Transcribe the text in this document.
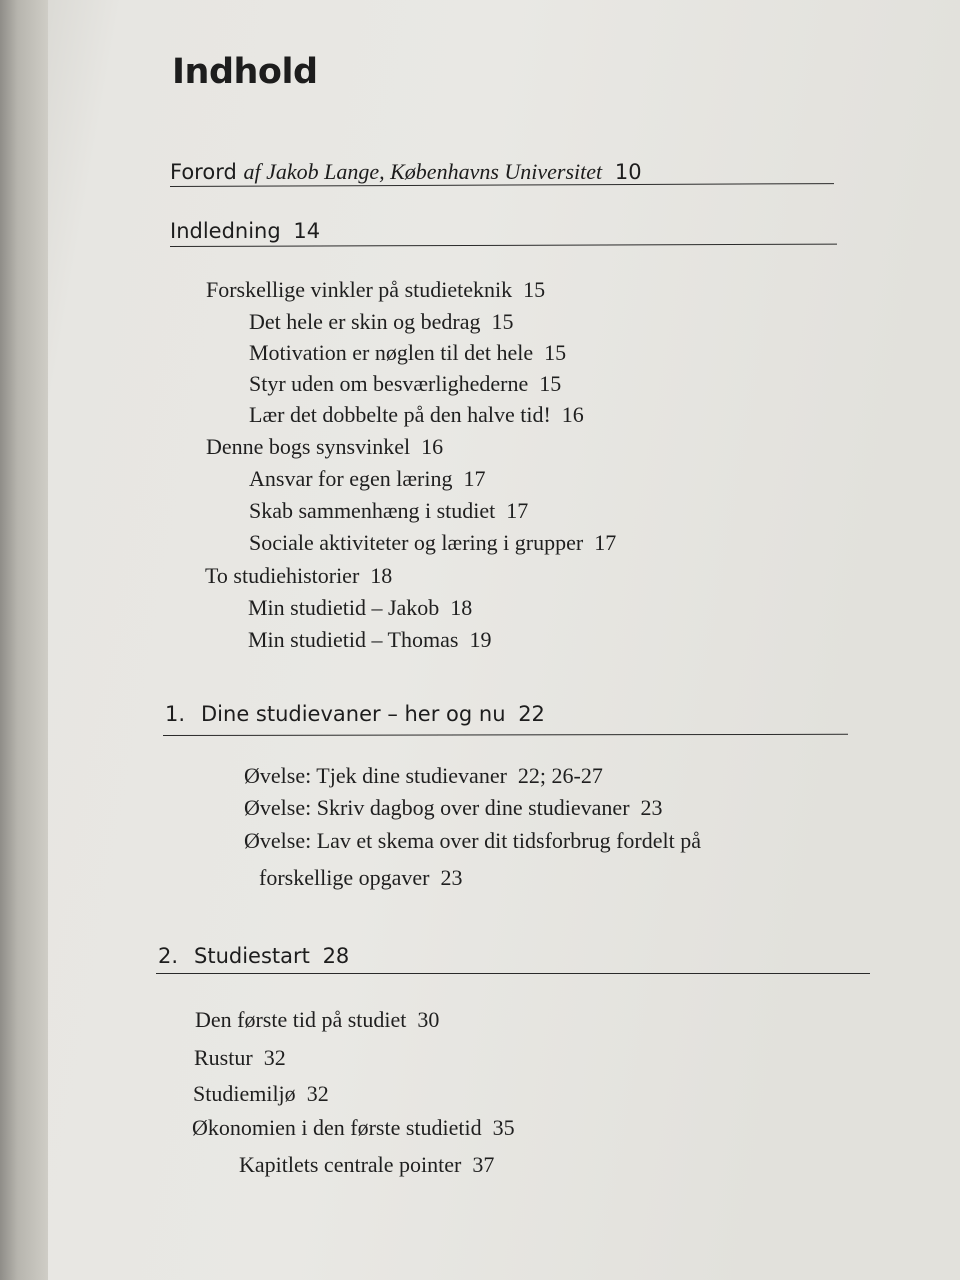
Indhold
Forord af Jakob Lange, Københavns Universitet 10
Indledning 14
Forskellige vinkler på studieteknik 15
Det hele er skin og bedrag 15
Motivation er nøglen til det hele 15
Styr uden om besværlighederne 15
Lær det dobbelte på den halve tid! 16
Denne bogs synsvinkel 16
Ansvar for egen læring 17
Skab sammenhæng i studiet 17
Sociale aktiviteter og læring i grupper 17
To studiehistorier 18
Min studietid – Jakob 18
Min studietid – Thomas 19
1. Dine studievaner – her og nu 22
Øvelse: Tjek dine studievaner 22; 26-27
Øvelse: Skriv dagbog over dine studievaner 23
Øvelse: Lav et skema over dit tidsforbrug fordelt på
forskellige opgaver 23
2. Studiestart 28
Den første tid på studiet 30
Rustur 32
Studiemiljø 32
Økonomien i den første studietid 35
Kapitlets centrale pointer 37
